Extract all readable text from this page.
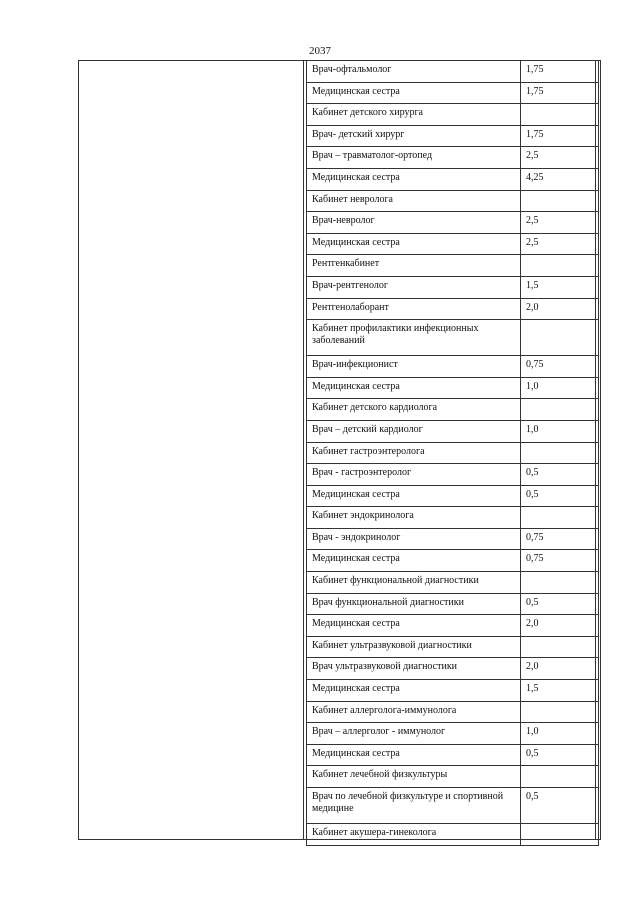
2037
Врач-офтальмолог	1,75
Медицинская сестра	1,75
Кабинет детского хирурга	
Врач- детский хирург	1,75
Врач – травматолог-ортопед	2,5
Медицинская сестра	4,25
Кабинет невролога	
Врач-невролог	2,5
Медицинская сестра	2,5
Рентгенкабинет	
Врач-рентгенолог	1,5
Рентгенолаборант	2,0
Кабинет профилактики инфекционных заболеваний	
Врач-инфекционист	0,75
Медицинская сестра	1,0
Кабинет детского кардиолога	
Врач – детский кардиолог	1,0
Кабинет гастроэнтеролога	
Врач - гастроэнтеролог	0,5
Медицинская сестра	0,5
Кабинет эндокринолога	
Врач - эндокринолог	0,75
Медицинская сестра	0,75
Кабинет функциональной диагностики	
Врач функциональной диагностики	0,5
Медицинская сестра	2,0
Кабинет ультразвуковой диагностики	
Врач ультразвуковой диагностики	2,0
Медицинская сестра	1,5
Кабинет аллерголога-иммунолога	
Врач – аллерголог - иммунолог	1,0
Медицинская сестра	0,5
Кабинет лечебной физкультуры	
Врач по лечебной физкультуре и спортивной медицине	0,5
Кабинет акушера-гинеколога	
